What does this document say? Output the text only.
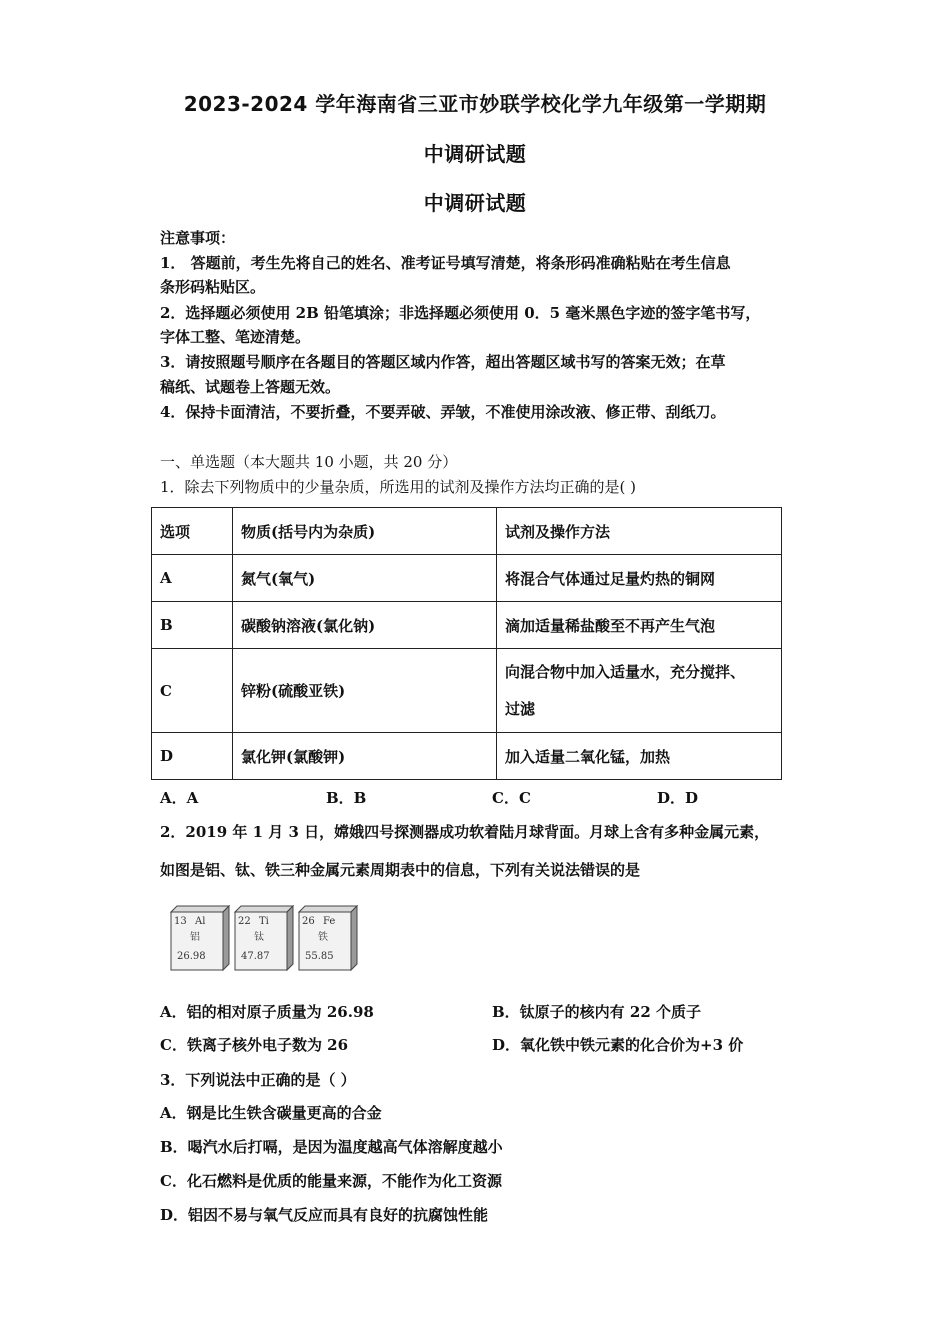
2023-2024 学年海南省三亚市妙联学校化学九年级第一学期期
中调研试题
中调研试题
注意事项：
1． 答题前，考生先将自己的姓名、准考证号填写清楚，将条形码准确粘贴在考生信息
条形码粘贴区。
2．选择题必须使用 2B 铅笔填涂；非选择题必须使用 0．5 毫米黑色字迹的签字笔书写，
字体工整、笔迹清楚。
3．请按照题号顺序在各题目的答题区域内作答，超出答题区域书写的答案无效；在草
稿纸、试题卷上答题无效。
4．保持卡面清洁，不要折叠，不要弄破、弄皱，不准使用涂改液、修正带、刮纸刀。
一、单选题（本大题共 10 小题，共 20 分）
1．除去下列物质中的少量杂质，所选用的试剂及操作方法均正确的是( )
选项	物质(括号内为杂质)	试剂及操作方法
A	氮气(氧气)	将混合气体通过足量灼热的铜网
B	碳酸钠溶液(氯化钠)	滴加适量稀盐酸至不再产生气泡
C	锌粉(硫酸亚铁)	向混合物中加入适量水，充分搅拌、
过滤

D	氯化钾(氯酸钾)	加入适量二氧化锰，加热
A．A	B．B	C．C	D．D
2．2019 年 1 月 3 日，嫦娥四号探测器成功软着陆月球背面。月球上含有多种金属元素，
如图是铝、钛、铁三种金属元素周期表中的信息，下列有关说法错误的是
13 Al
铝
26.98
22 Ti
钛
47.87
26 Fe
铁
55.85
A．铝的相对原子质量为 26.98	B．钛原子的核内有 22 个质子
C．铁离子核外电子数为 26	D．氧化铁中铁元素的化合价为+3 价
3．下列说法中正确的是（ ）
A．钢是比生铁含碳量更高的合金
B．喝汽水后打嗝，是因为温度越高气体溶解度越小
C．化石燃料是优质的能量来源，不能作为化工资源
D．铝因不易与氧气反应而具有良好的抗腐蚀性能
